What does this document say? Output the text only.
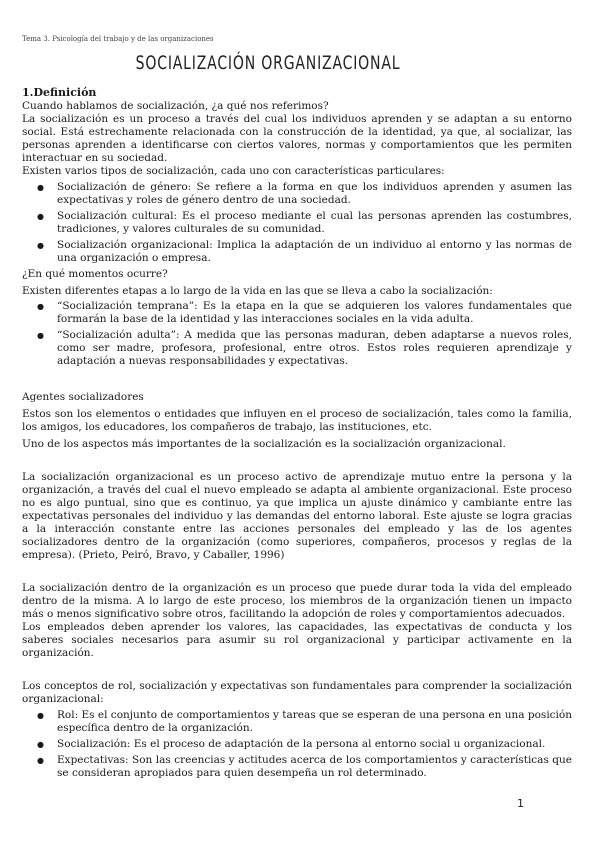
Tema 3. Psicología del trabajo y de las organizaciones
SOCIALIZACIÓN ORGANIZACIONAL
1.Definición

Cuando hablamos de socialización, ¿a qué nos referimos?

La socialización es un proceso a través del cual los individuos aprenden y se adaptan a su entorno social. Está estrechamente relacionada con la construcción de la identidad, ya que, al socializar, las personas aprenden a identificarse con ciertos valores, normas y comportamientos que les permiten interactuar en su sociedad.

Existen varios tipos de socialización, cada uno con características particulares:

● Socialización de género: Se refiere a la forma en que los individuos aprenden y asumen las expectativas y roles de género dentro de una sociedad.
● Socialización cultural: Es el proceso mediante el cual las personas aprenden las costumbres, tradiciones, y valores culturales de su comunidad.
● Socialización organizacional: Implica la adaptación de un individuo al entorno y las normas de una organización o empresa.

¿En qué momentos ocurre?

Existen diferentes etapas a lo largo de la vida en las que se lleva a cabo la socialización:

● “Socialización temprana”: Es la etapa en la que se adquieren los valores fundamentales que formarán la base de la identidad y las interacciones sociales en la vida adulta.
● “Socialización adulta”: A medida que las personas maduran, deben adaptarse a nuevos roles, como ser madre, profesora, profesional, entre otros. Estos roles requieren aprendizaje y adaptación a nuevas responsabilidades y expectativas.

Agentes socializadores

Estos son los elementos o entidades que influyen en el proceso de socialización, tales como la familia, los amigos, los educadores, los compañeros de trabajo, las instituciones, etc.

Uno de los aspectos más importantes de la socialización es la socialización organizacional.

La socialización organizacional es un proceso activo de aprendizaje mutuo entre la persona y la organización, a través del cual el nuevo empleado se adapta al ambiente organizacional. Este proceso no es algo puntual, sino que es continuo, ya que implica un ajuste dinámico y cambiante entre las expectativas personales del individuo y las demandas del entorno laboral. Este ajuste se logra gracias a la interacción constante entre las acciones personales del empleado y las de los agentes socializadores dentro de la organización (como superiores, compañeros, procesos y reglas de la empresa). (Prieto, Peiró, Bravo, y Caballer, 1996)

La socialización dentro de la organización es un proceso que puede durar toda la vida del empleado dentro de la misma. A lo largo de este proceso, los miembros de la organización tienen un impacto más o menos significativo sobre otros, facilitando la adopción de roles y comportamientos adecuados.

Los empleados deben aprender los valores, las capacidades, las expectativas de conducta y los saberes sociales necesarios para asumir su rol organizacional y participar activamente en la organización.

Los conceptos de rol, socialización y expectativas son fundamentales para comprender la socialización organizacional:

● Rol: Es el conjunto de comportamientos y tareas que se esperan de una persona en una posición específica dentro de la organización.
● Socialización: Es el proceso de adaptación de la persona al entorno social u organizacional.
● Expectativas: Son las creencias y actitudes acerca de los comportamientos y características que se consideran apropiados para quien desempeña un rol determinado.
1
